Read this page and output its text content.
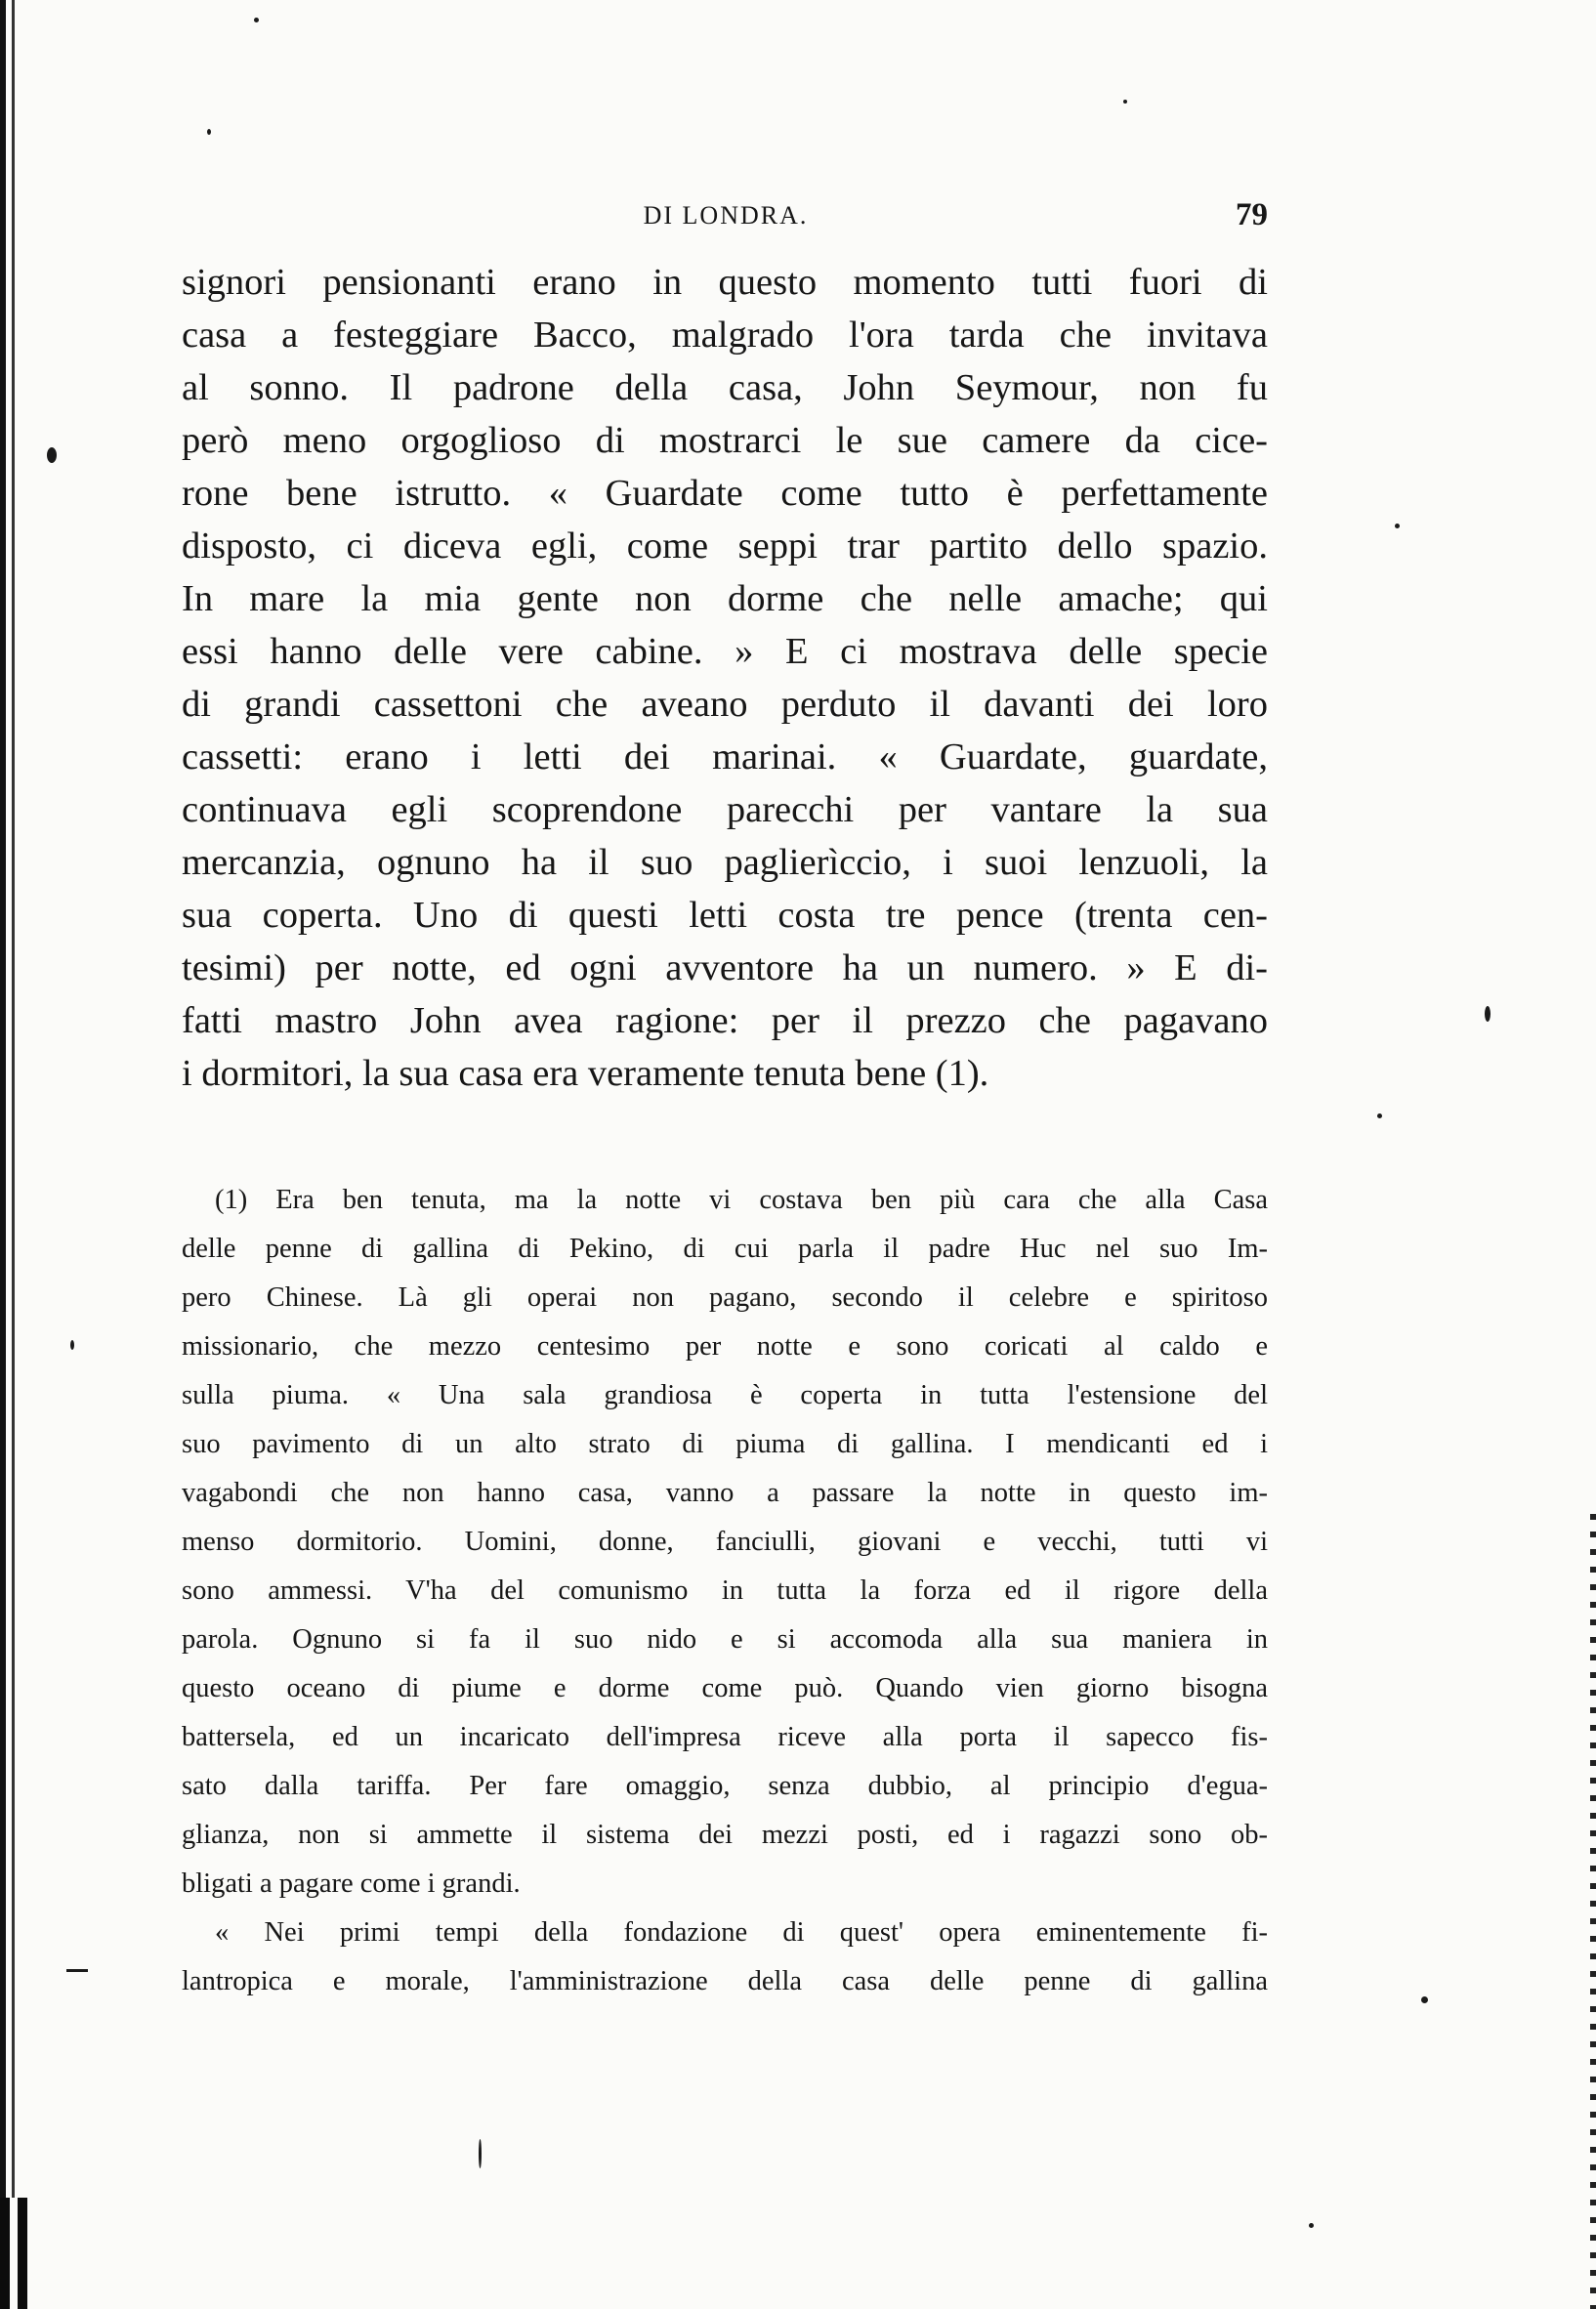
DI LONDRA.	79
signori pensionanti erano in questo momento tutti fuori di
casa a festeggiare Bacco, malgrado l'ora tarda che invitava
al sonno. Il padrone della casa, John Seymour, non fu
però meno orgoglioso di mostrarci le sue camere da cice-
rone bene istrutto. « Guardate come tutto è perfettamente
disposto, ci diceva egli, come seppi trar partito dello spazio.
In mare la mia gente non dorme che nelle amache; qui
essi hanno delle vere cabine. » E ci mostrava delle specie
di grandi cassettoni che aveano perduto il davanti dei loro
cassetti: erano i letti dei marinai. « Guardate, guardate,
continuava egli scoprendone parecchi per vantare la sua
mercanzia, ognuno ha il suo paglierìccio, i suoi lenzuoli, la
sua coperta. Uno di questi letti costa tre pence (trenta cen-
tesimi) per notte, ed ogni avventore ha un numero. » E di-
fatti mastro John avea ragione: per il prezzo che pagavano
i dormitori, la sua casa era veramente tenuta bene (1).
(1) Era ben tenuta, ma la notte vi costava ben più cara che alla Casa
delle penne di gallina di Pekino, di cui parla il padre Huc nel suo Im-
pero Chinese. Là gli operai non pagano, secondo il celebre e spiritoso
missionario, che mezzo centesimo per notte e sono coricati al caldo e
sulla piuma. « Una sala grandiosa è coperta in tutta l'estensione del
suo pavimento di un alto strato di piuma di gallina. I mendicanti ed i
vagabondi che non hanno casa, vanno a passare la notte in questo im-
menso dormitorio. Uomini, donne, fanciulli, giovani e vecchi, tutti vi
sono ammessi. V'ha del comunismo in tutta la forza ed il rigore della
parola. Ognuno si fa il suo nido e si accomoda alla sua maniera in
questo oceano di piume e dorme come può. Quando vien giorno bisogna
battersela, ed un incaricato dell'impresa riceve alla porta il sapecco fis-
sato dalla tariffa. Per fare omaggio, senza dubbio, al principio d'egua-
glianza, non si ammette il sistema dei mezzi posti, ed i ragazzi sono ob-
bligati a pagare come i grandi.
« Nei primi tempi della fondazione di quest' opera eminentemente fi-
lantropica e morale, l'amministrazione della casa delle penne di gallina
